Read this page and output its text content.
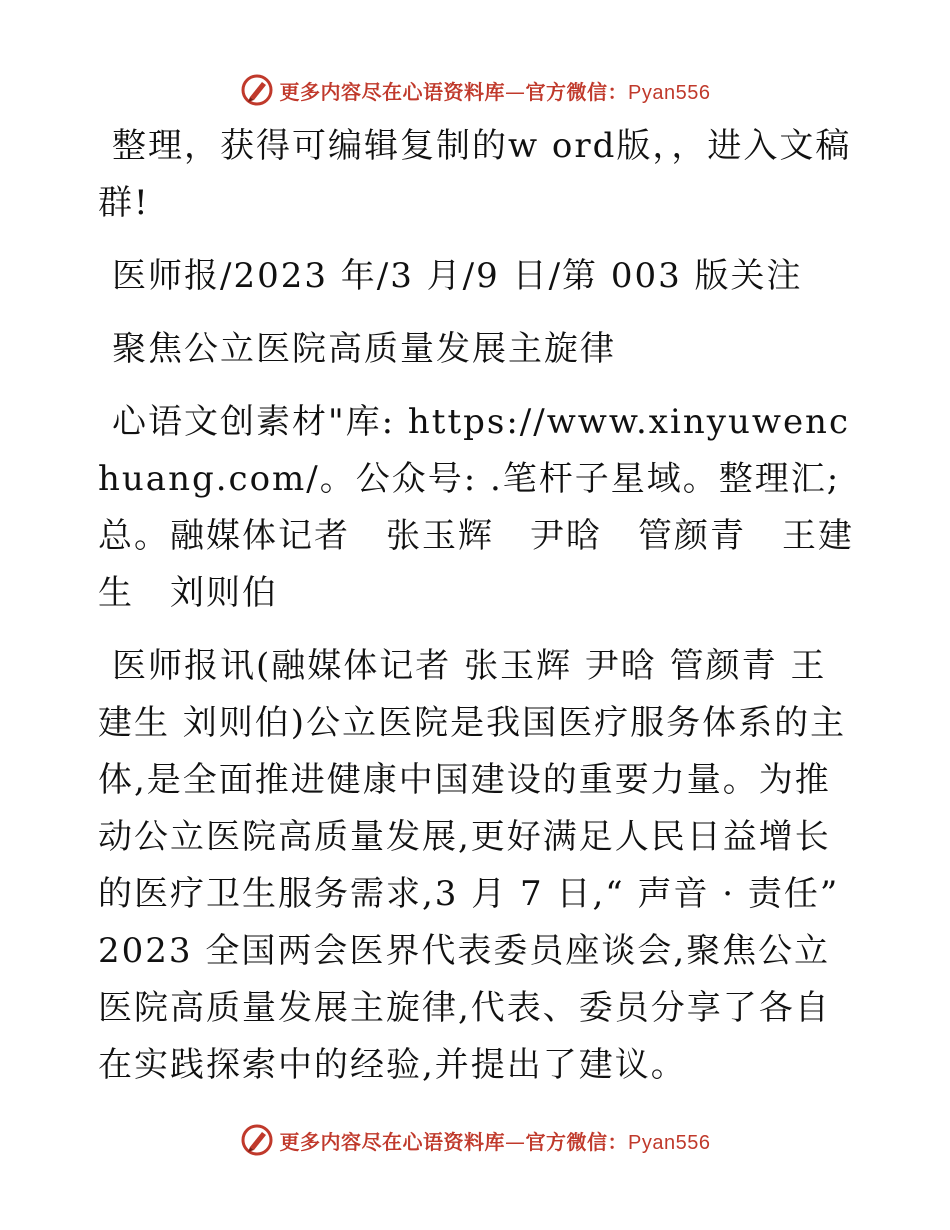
更多内容尽在心语资料库—官方微信：Pyan556

整理，获得可编辑复制的w ord版，，进入文稿群!

医师报/2023 年/3 月/9 日/第 003 版关注

聚焦公立医院高质量发展主旋律

心语文创素材"库: https://www.xinyuwenchuang.com/。公众号: .笔杆子星域。整理汇;总。融媒体记者　张玉辉　尹晗　管颜青　王建生　刘则伯

医师报讯(融媒体记者 张玉辉 尹晗 管颜青 王建生 刘则伯)公立医院是我国医疗服务体系的主体,是全面推进健康中国建设的重要力量。为推动公立医院高质量发展,更好满足人民日益增长的医疗卫生服务需求,3 月 7 日,“ 声音 · 责任” 2023 全国两会医界代表委员座谈会,聚焦公立医院高质量发展主旋律,代表、委员分享了各自在实践探索中的经验,并提出了建议。

更多内容尽在心语资料库—官方微信：Pyan556
